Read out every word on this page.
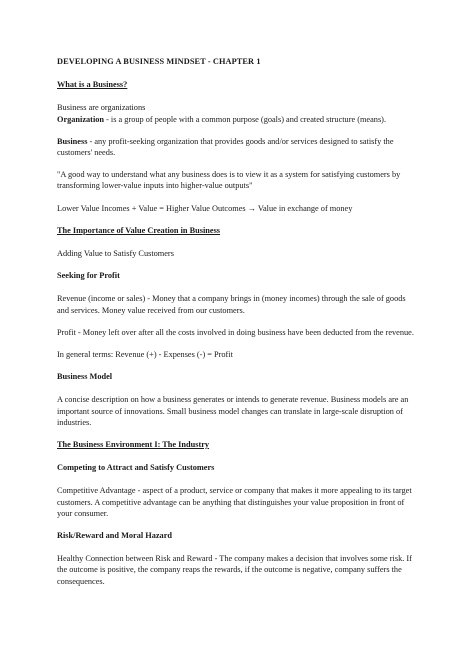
DEVELOPING A BUSINESS MINDSET - CHAPTER 1
What is a Business?

Business are organizations

Organization - is a group of people with a common purpose (goals) and created structure (means).

Business - any profit-seeking organization that provides goods and/or services designed to satisfy the customers' needs.

"A good way to understand what any business does is to view it as a system for satisfying customers by transforming lower-value inputs into higher-value outputs"

Lower Value Incomes + Value = Higher Value Outcomes → Value in exchange of money

The Importance of Value Creation in Business

Adding Value to Satisfy Customers

Seeking for Profit

Revenue (income or sales) - Money that a company brings in (money incomes) through the sale of goods and services. Money value received from our customers.

Profit - Money left over after all the costs involved in doing business have been deducted from the revenue.

In general terms: Revenue (+) - Expenses (-) = Profit

Business Model

A concise description on how a business generates or intends to generate revenue. Business models are an important source of innovations. Small business model changes can translate in large-scale disruption of industries.

The Business Environment I: The Industry
Competing to Attract and Satisfy Customers

Competitive Advantage - aspect of a product, service or company that makes it more appealing to its target customers. A competitive advantage can be anything that distinguishes your value proposition in front of your consumer.

Risk/Reward and Moral Hazard

Healthy Connection between Risk and Reward - The company makes a decision that involves some risk. If the outcome is positive, the company reaps the rewards, if the outcome is negative, company suffers the consequences.
